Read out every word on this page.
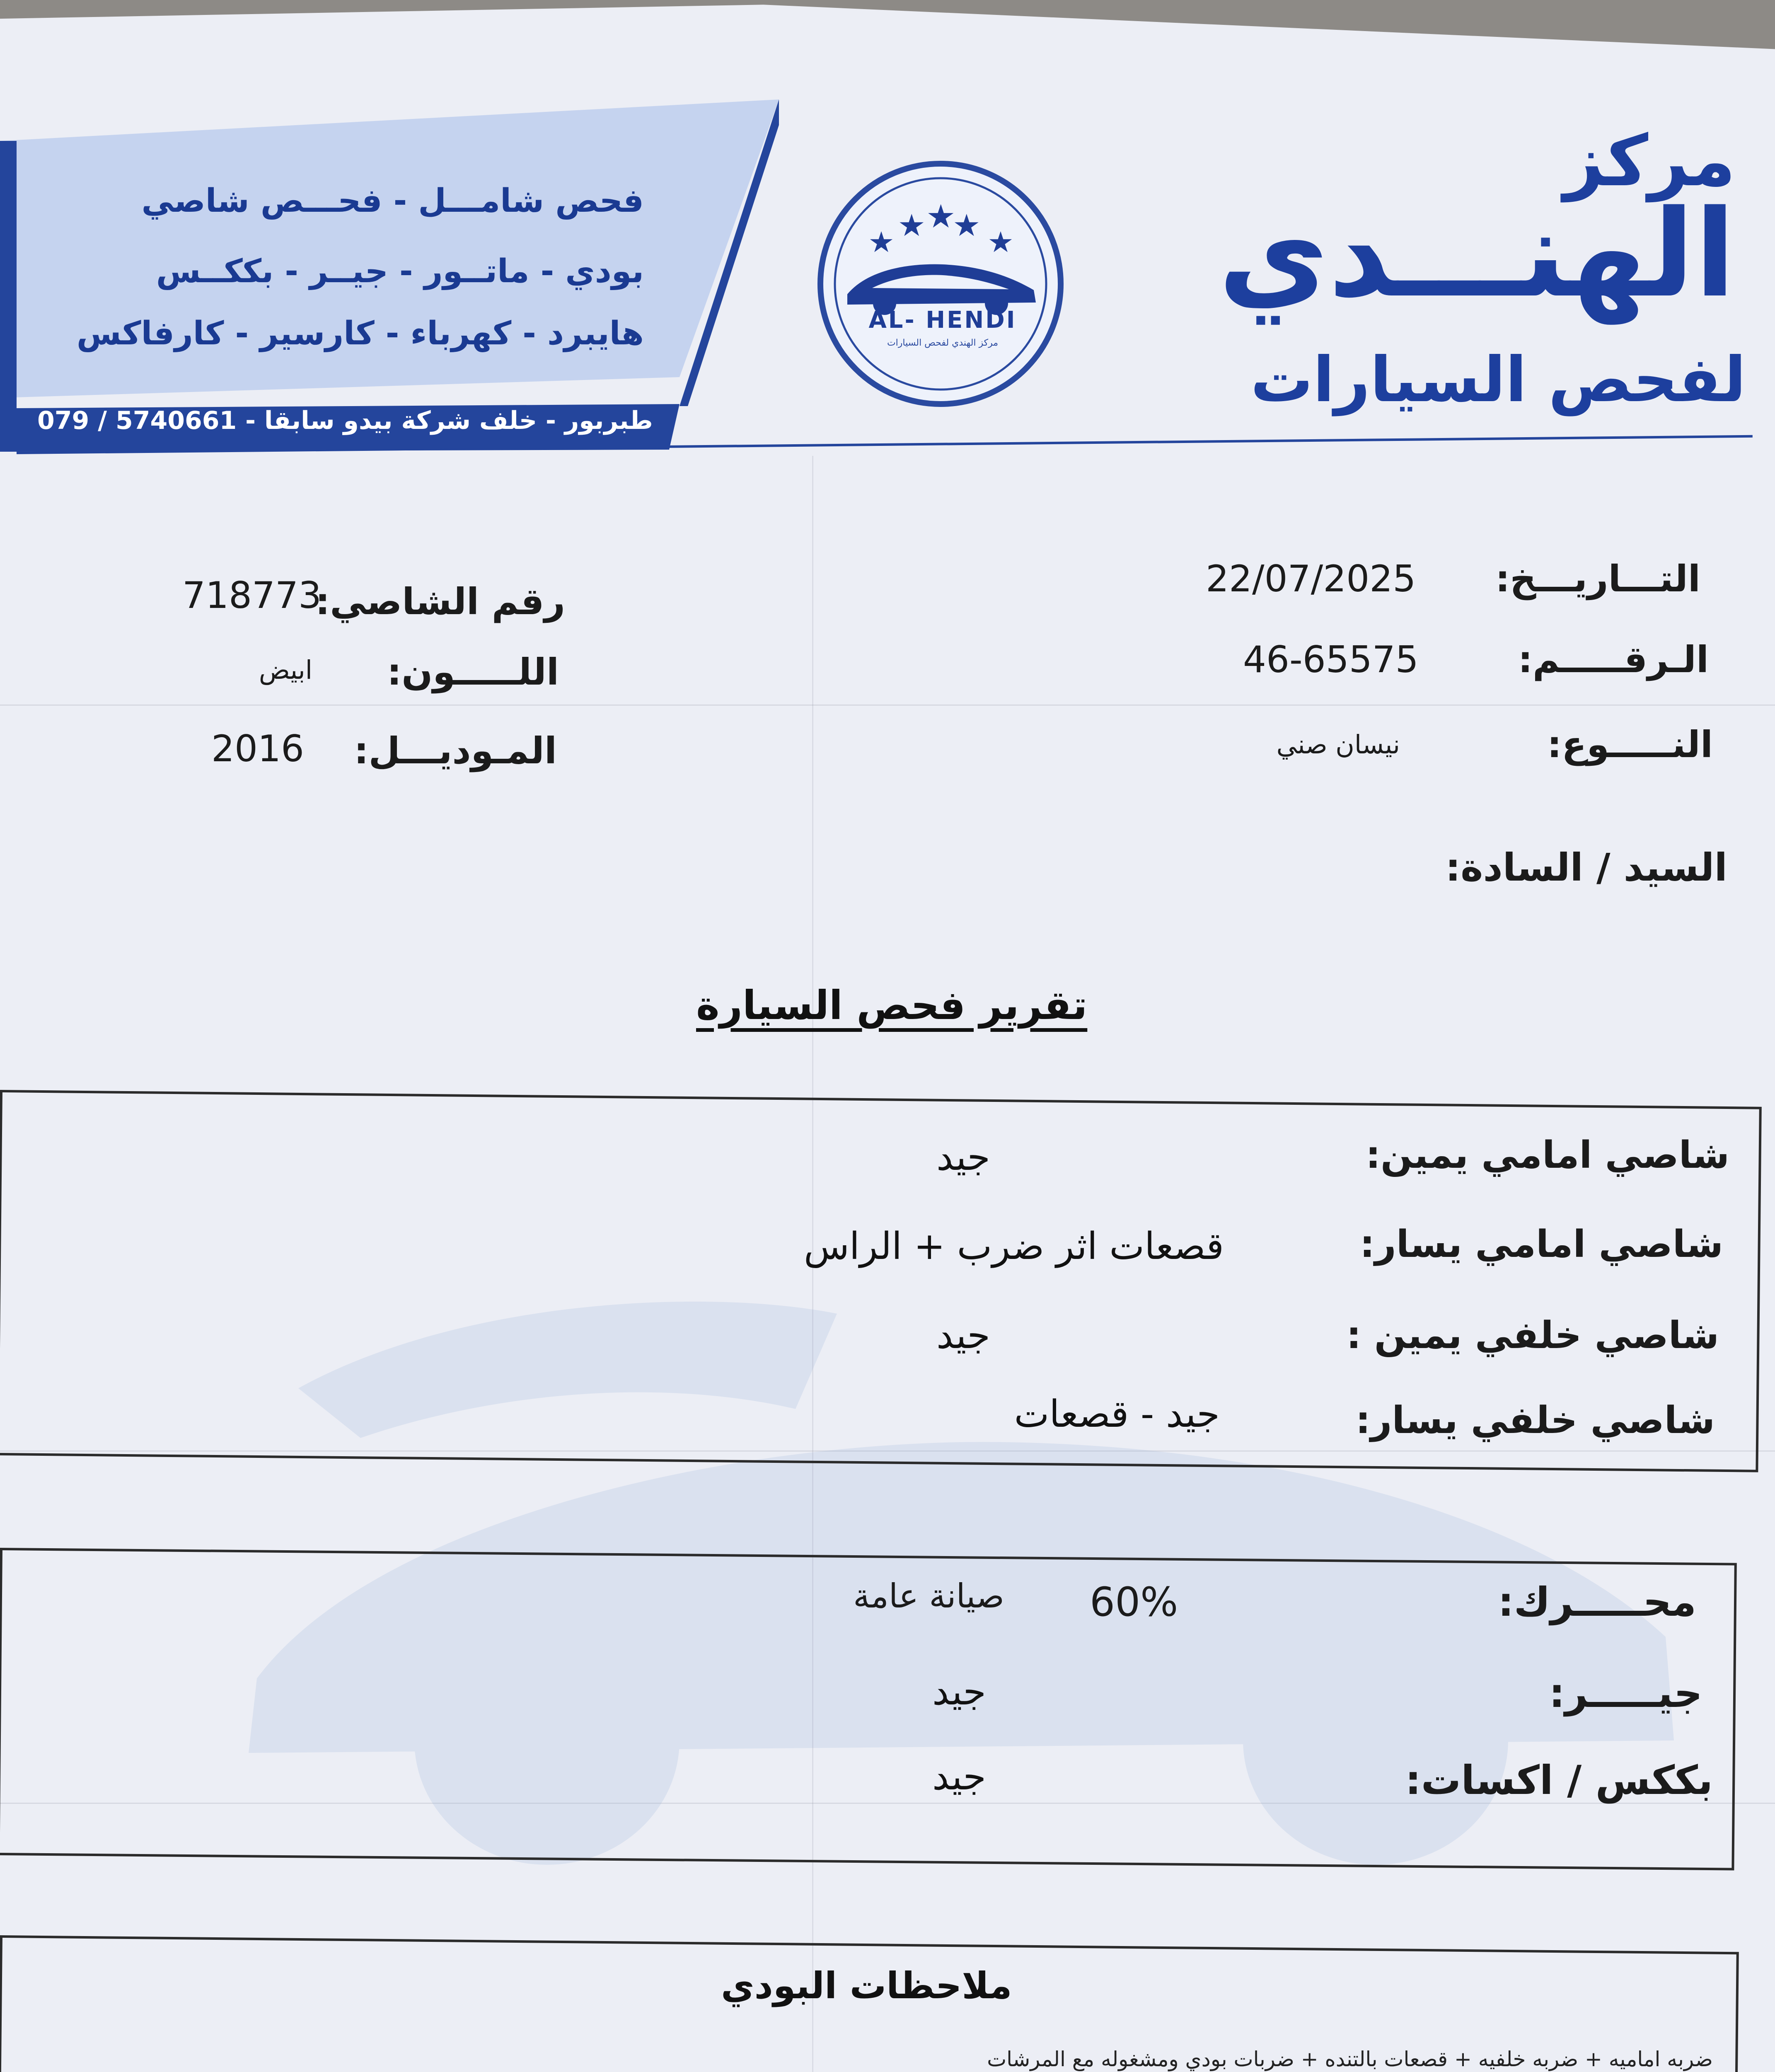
فحص شامـــل - فحـــص شاصي
بودي - ماتــور - جيــر - بككــس
هايبرد - كهرباء - كارسير - كارفاكس
طبربور - خلف شركة بيدو سابقا - 5740661 / 079
AL- HENDI
مركز الهندي لفحص السيارات
مركز
الهنـــدي
لفحص السيارات
التـــاريـــخ:
22/07/2025
الـرقـــــم:
46-65575
النـــــوع:
نيسان صني
السيد / السادة:
رقم الشاصي:
718773
اللـــــون:
ابيض
المـوديـــل:
2016
تقرير فحص السيارة
شاصي امامي يمين:
شاصي امامي يسار:
شاصي خلفي يمين :
شاصي خلفي يسار:
جيد
قصعات اثر ضرب + الراس
جيد
جيد - قصعات
محـــــرك:
60%
صيانة عامة
جيـــــر:
جيد
بككس / اكسات:
جيد
ملاحظات البودي
ضربه اماميه + ضربه خلفيه + قصعات بالتنده + ضربات بودي ومشغوله مع المرشات
